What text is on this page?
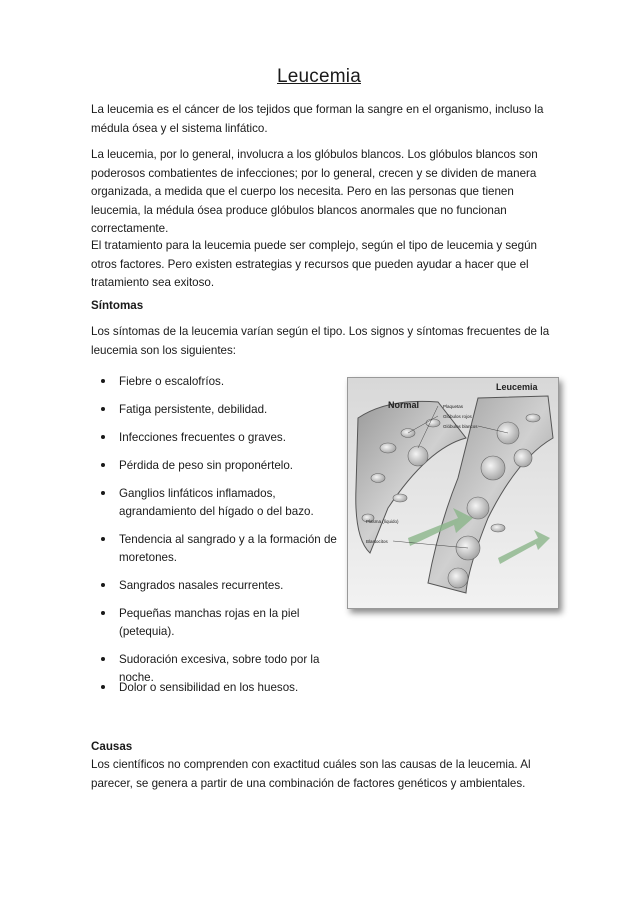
Leucemia

La leucemia es el cáncer de los tejidos que forman la sangre en el organismo, incluso la médula ósea y el sistema linfático.

La leucemia, por lo general, involucra a los glóbulos blancos. Los glóbulos blancos son poderosos combatientes de infecciones; por lo general, crecen y se dividen de manera organizada, a medida que el cuerpo los necesita. Pero en las personas que tienen leucemia, la médula ósea produce glóbulos blancos anormales que no funcionan correctamente.

El tratamiento para la leucemia puede ser complejo, según el tipo de leucemia y según otros factores. Pero existen estrategias y recursos que pueden ayudar a hacer que el tratamiento sea exitoso.

Síntomas

Los síntomas de la leucemia varían según el tipo. Los signos y síntomas frecuentes de la leucemia son los siguientes:

Fiebre o escalofríos.
Fatiga persistente, debilidad.
Infecciones frecuentes o graves.
Pérdida de peso sin proponértelo.
Ganglios linfáticos inflamados, agrandamiento del hígado o del bazo.
Tendencia al sangrado y a la formación de moretones.
Sangrados nasales recurrentes.
Pequeñas manchas rojas en la piel (petequia).
Sudoración excesiva, sobre todo por la noche.
Dolor o sensibilidad en los huesos.
Normal
Leucemia
Plaquetas
Glóbulos rojos
Glóbulos blancos
Plasma (líquido)
Blastocitos

Causas

Los científicos no comprenden con exactitud cuáles son las causas de la leucemia. Al parecer, se genera a partir de una combinación de factores genéticos y ambientales.
